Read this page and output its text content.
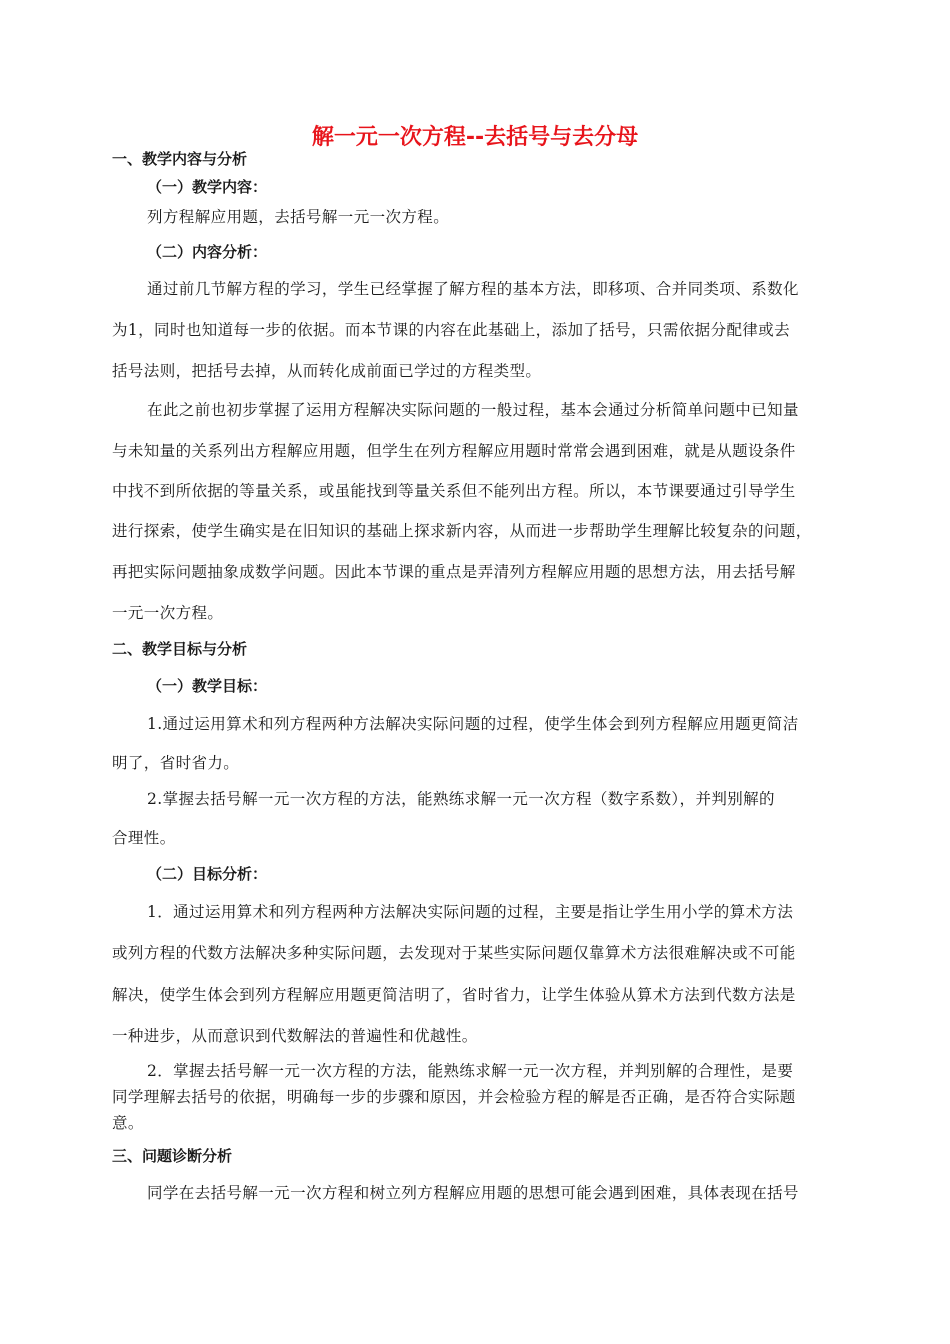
解一元一次方程--去括号与去分母
一、教学内容与分析
（一）教学内容：
列方程解应用题，去括号解一元一次方程。
（二）内容分析：
通过前几节解方程的学习，学生已经掌握了解方程的基本方法，即移项、合并同类项、系数化
为1，同时也知道每一步的依据。而本节课的内容在此基础上，添加了括号，只需依据分配律或去
括号法则，把括号去掉，从而转化成前面已学过的方程类型。
在此之前也初步掌握了运用方程解决实际问题的一般过程，基本会通过分析简单问题中已知量
与未知量的关系列出方程解应用题，但学生在列方程解应用题时常常会遇到困难，就是从题设条件
中找不到所依据的等量关系，或虽能找到等量关系但不能列出方程。所以，本节课要通过引导学生
进行探索，使学生确实是在旧知识的基础上探求新内容，从而进一步帮助学生理解比较复杂的问题，
再把实际问题抽象成数学问题。因此本节课的重点是弄清列方程解应用题的思想方法，用去括号解
一元一次方程。
二、教学目标与分析
（一）教学目标：
1.通过运用算术和列方程两种方法解决实际问题的过程，使学生体会到列方程解应用题更简洁
明了，省时省力。
2.掌握去括号解一元一次方程的方法，能熟练求解一元一次方程（数字系数），并判别解的
合理性。
（二）目标分析：
1．通过运用算术和列方程两种方法解决实际问题的过程，主要是指让学生用小学的算术方法
或列方程的代数方法解决多种实际问题，去发现对于某些实际问题仅靠算术方法很难解决或不可能
解决，使学生体会到列方程解应用题更简洁明了，省时省力，让学生体验从算术方法到代数方法是
一种进步，从而意识到代数解法的普遍性和优越性。
2．掌握去括号解一元一次方程的方法，能熟练求解一元一次方程，并判别解的合理性，是要
同学理解去括号的依据，明确每一步的步骤和原因，并会检验方程的解是否正确，是否符合实际题
意。
三、问题诊断分析
同学在去括号解一元一次方程和树立列方程解应用题的思想可能会遇到困难，具体表现在括号
